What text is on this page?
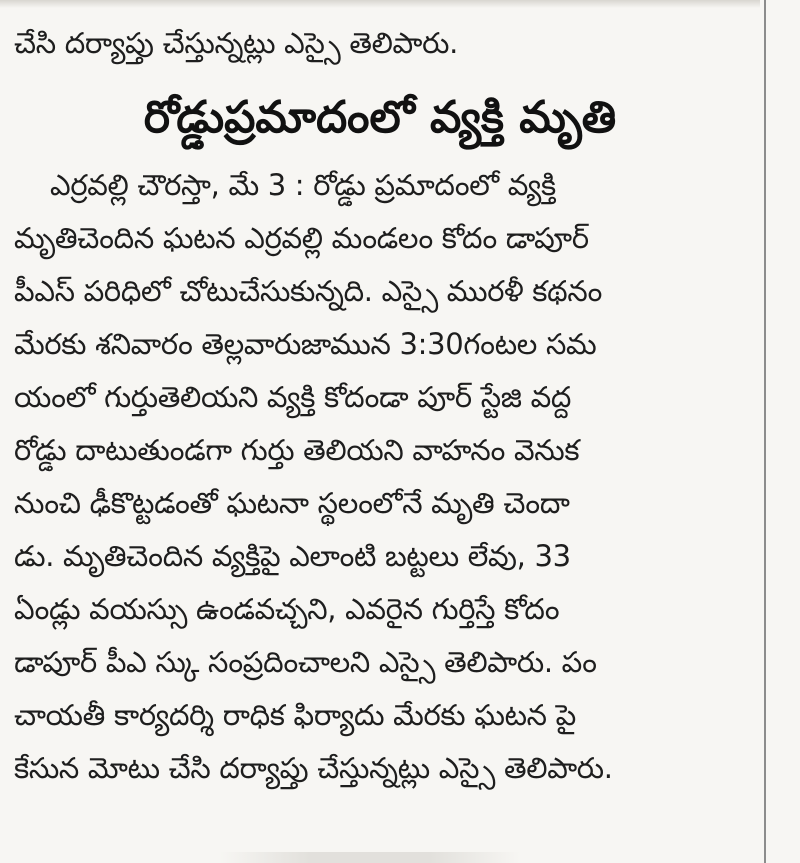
చేసి దర్యాప్తు చేస్తున్నట్లు ఎస్సై తెలిపారు.
రోడ్డుప్రమాదంలో వ్యక్తి మృతి
ఎర్రవల్లి చౌరస్తా, మే 3 : రోడ్డు ప్రమాదంలో వ్యక్తి
మృతిచెందిన ఘటన ఎర్రవల్లి మండలం కోదం డాపూర్
పీఎస్ పరిధిలో చోటుచేసుకున్నది. ఎస్సై మురళీ కథనం
మేరకు శనివారం తెల్లవారుజామున 3:30గంటల సమ
యంలో గుర్తుతెలియని వ్యక్తి కోదండా పూర్ స్టేజి వద్ద
రోడ్డు దాటుతుండగా గుర్తు తెలియని వాహనం వెనుక
నుంచి ఢీకొట్టడంతో ఘటనా స్థలంలోనే మృతి చెందా
డు. మృతిచెందిన వ్యక్తిపై ఎలాంటి బట్టలు లేవు, 33
ఏండ్లు వయస్సు ఉండవచ్చని, ఎవరైన గుర్తిస్తే కోదం
డాపూర్ పీఎ స్కు సంప్రదించాలని ఎస్సై తెలిపారు. పం
చాయతీ కార్యదర్శి రాధిక ఫిర్యాదు మేరకు ఘటన పై
కేసున మోటు చేసి దర్యాప్తు చేస్తున్నట్లు ఎస్సై తెలిపారు.
